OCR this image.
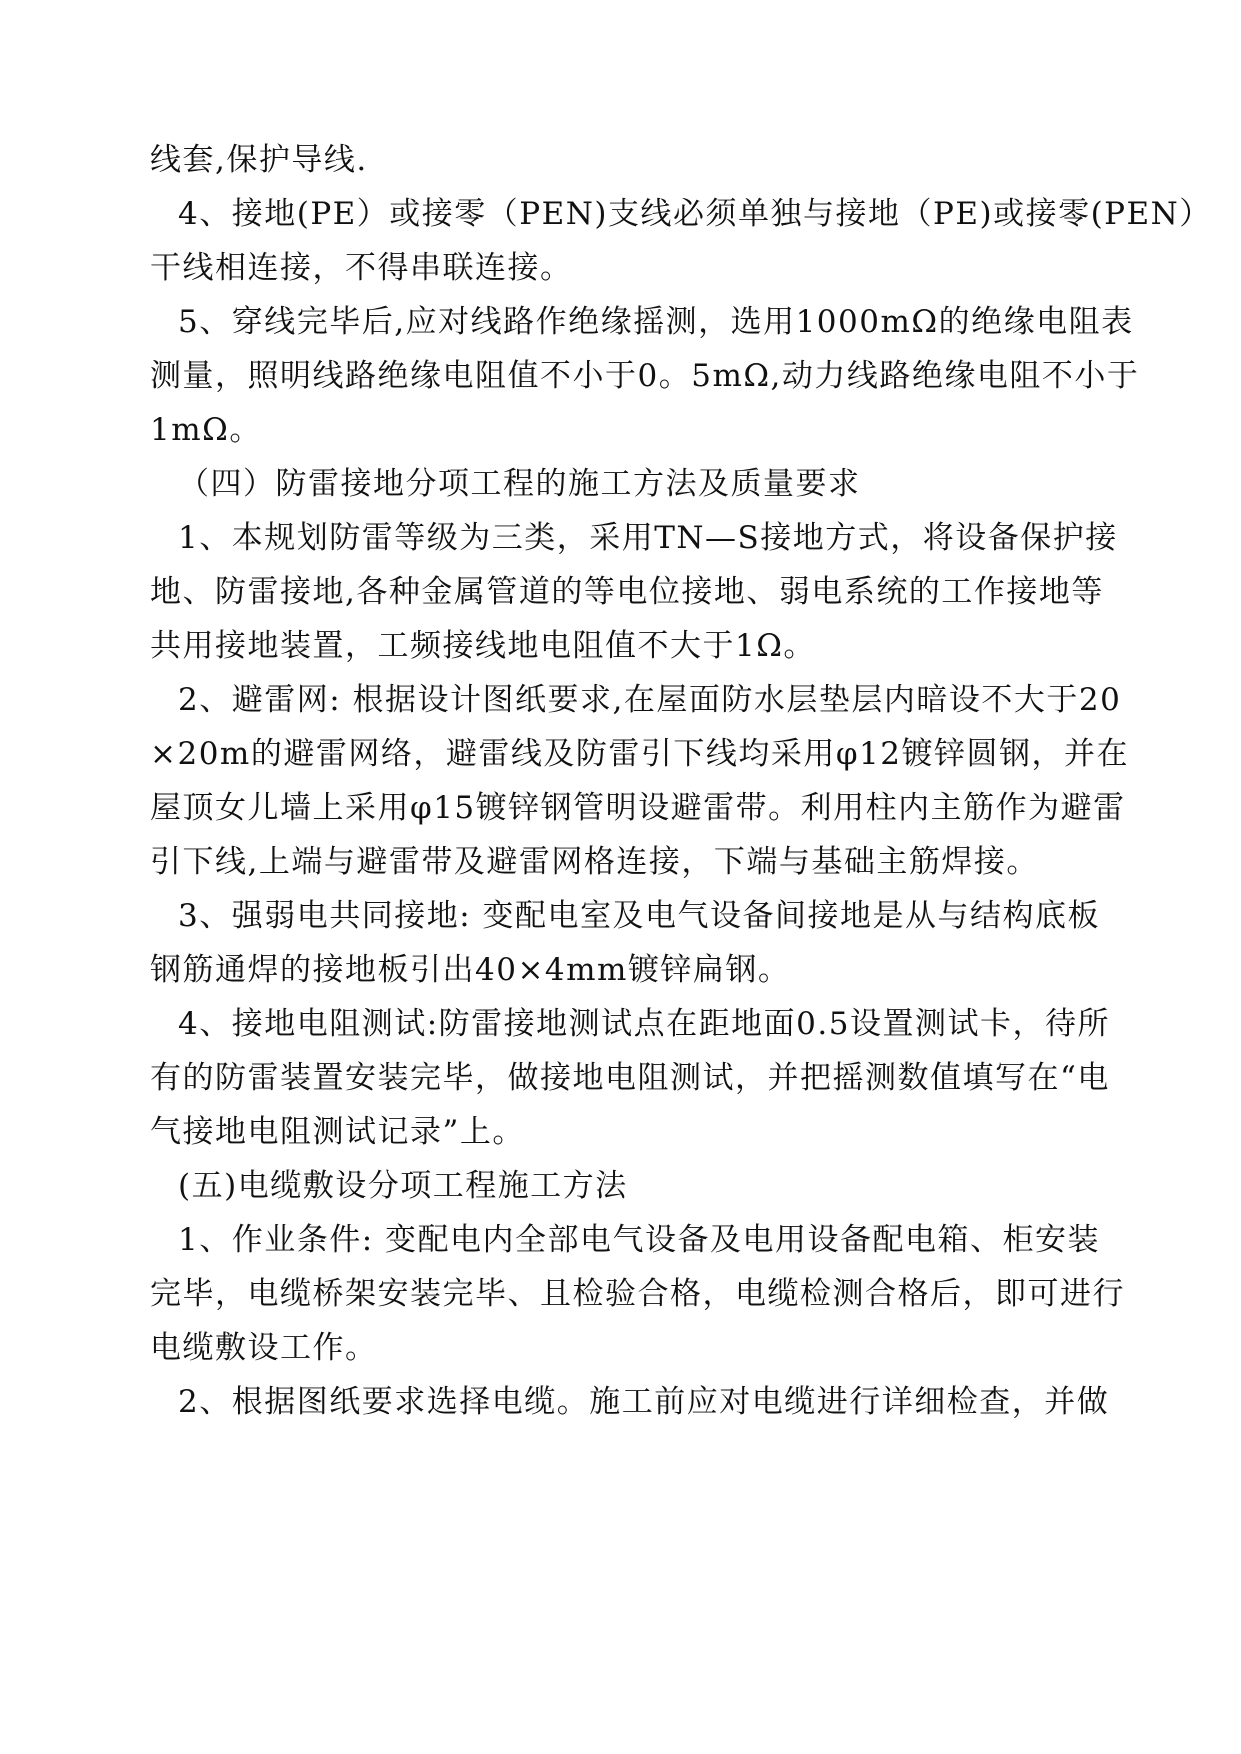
线套,保护导线.
4、接地(PE）或接零（PEN)支线必须单独与接地（PE)或接零(PEN）
干线相连接，不得串联连接。
5、穿线完毕后,应对线路作绝缘摇测，选用1000mΩ的绝缘电阻表
测量，照明线路绝缘电阻值不小于0。5mΩ,动力线路绝缘电阻不小于
1mΩ。
（四）防雷接地分项工程的施工方法及质量要求
1、本规划防雷等级为三类，采用TN—S接地方式，将设备保护接
地、防雷接地,各种金属管道的等电位接地、弱电系统的工作接地等
共用接地装置，工频接线地电阻值不大于1Ω。
2、避雷网: 根据设计图纸要求,在屋面防水层垫层内暗设不大于20
×20m的避雷网络，避雷线及防雷引下线均采用φ12镀锌圆钢，并在
屋顶女儿墙上采用φ15镀锌钢管明设避雷带。利用柱内主筋作为避雷
引下线,上端与避雷带及避雷网格连接，下端与基础主筋焊接。
3、强弱电共同接地: 变配电室及电气设备间接地是从与结构底板
钢筋通焊的接地板引出40×4mm镀锌扁钢。
4、接地电阻测试:防雷接地测试点在距地面0.5设置测试卡，待所
有的防雷装置安装完毕，做接地电阻测试，并把摇测数值填写在“电
气接地电阻测试记录”上。
(五)电缆敷设分项工程施工方法
1、作业条件: 变配电内全部电气设备及电用设备配电箱、柜安装
完毕，电缆桥架安装完毕、且检验合格，电缆检测合格后，即可进行
电缆敷设工作。
2、根据图纸要求选择电缆。施工前应对电缆进行详细检查，并做
